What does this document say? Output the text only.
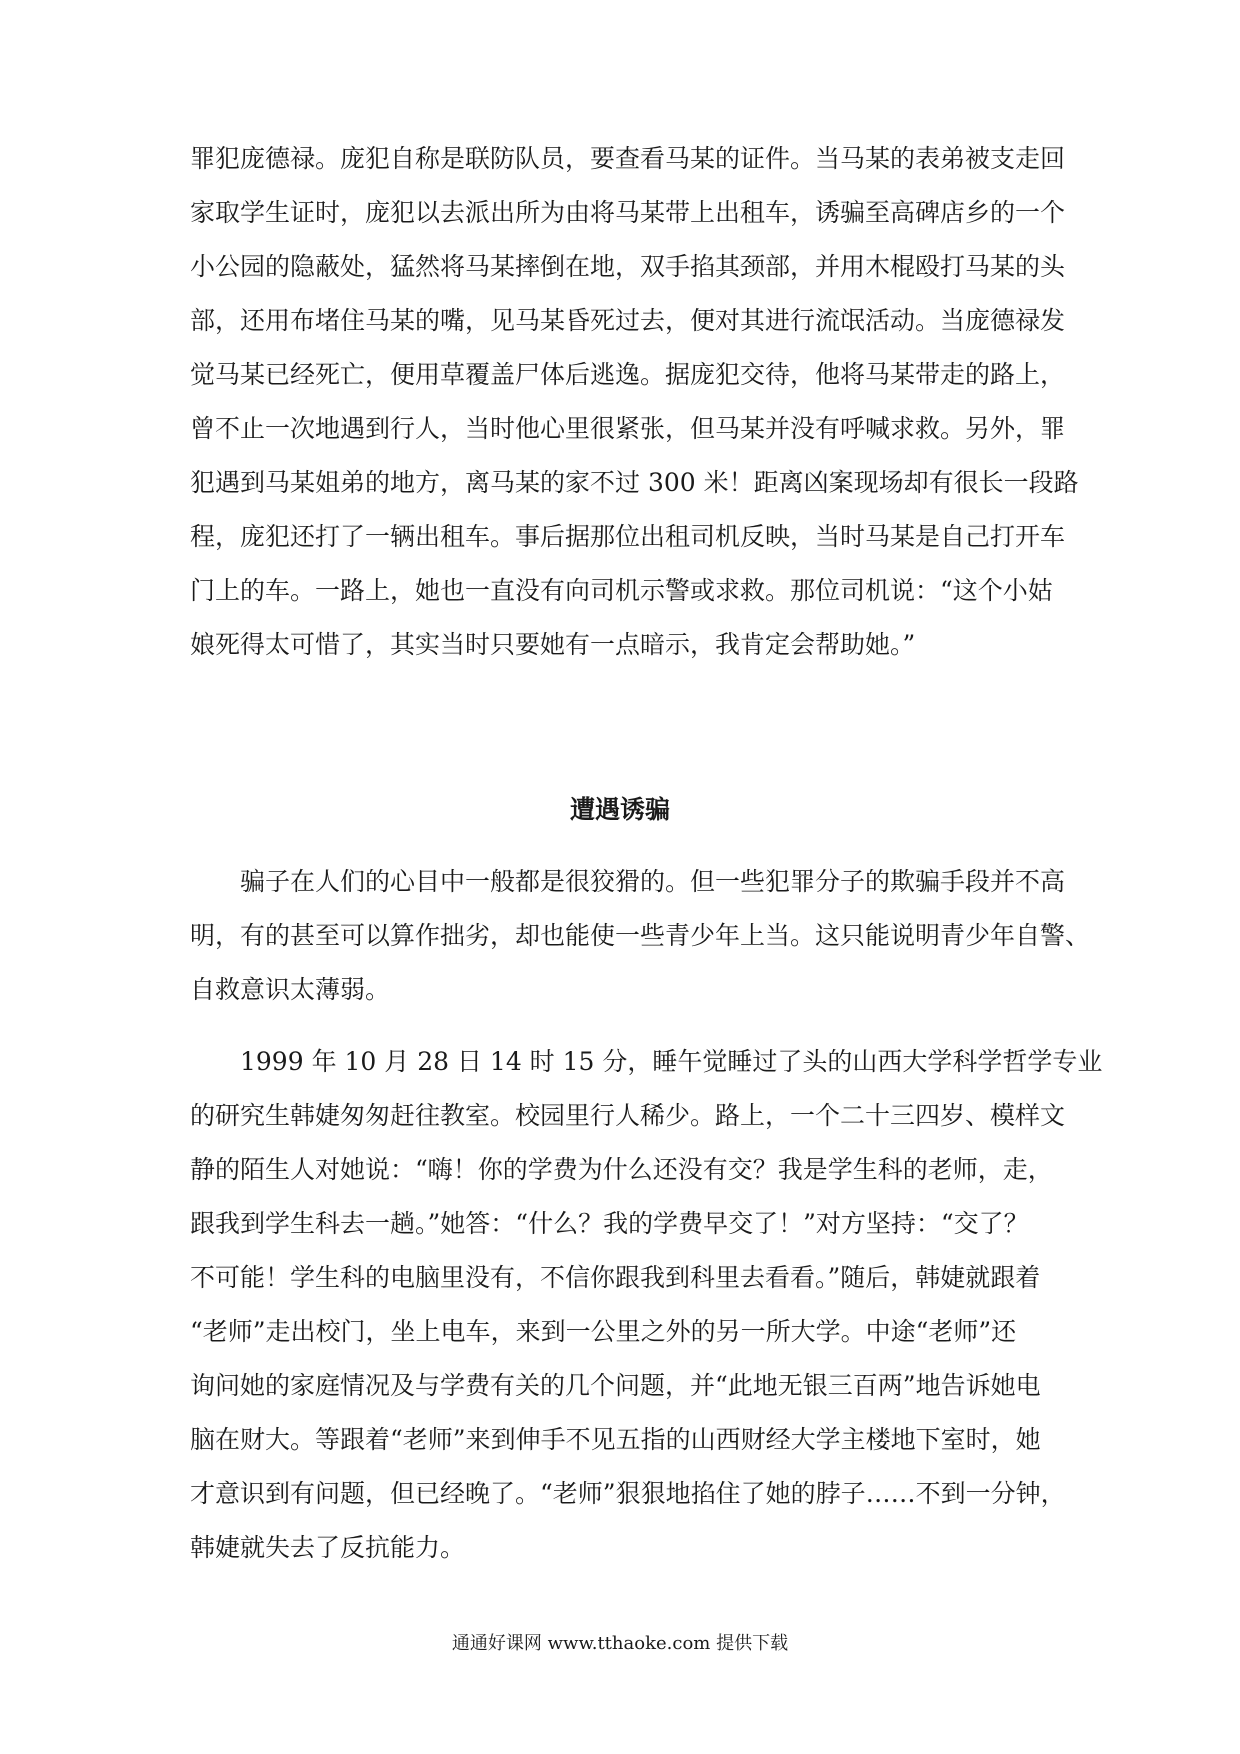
罪犯庞德禄。庞犯自称是联防队员，要查看马某的证件。当马某的表弟被支走回
家取学生证时，庞犯以去派出所为由将马某带上出租车，诱骗至高碑店乡的一个
小公园的隐蔽处，猛然将马某摔倒在地，双手掐其颈部，并用木棍殴打马某的头
部，还用布堵住马某的嘴，见马某昏死过去，便对其进行流氓活动。当庞德禄发
觉马某已经死亡，便用草覆盖尸体后逃逸。据庞犯交待，他将马某带走的路上，
曾不止一次地遇到行人，当时他心里很紧张，但马某并没有呼喊求救。另外，罪
犯遇到马某姐弟的地方，离马某的家不过 300 米！距离凶案现场却有很长一段路
程，庞犯还打了一辆出租车。事后据那位出租司机反映，当时马某是自己打开车
门上的车。一路上，她也一直没有向司机示警或求救。那位司机说：“这个小姑
娘死得太可惜了，其实当时只要她有一点暗示，我肯定会帮助她。”
遭遇诱骗
骗子在人们的心目中一般都是很狡猾的。但一些犯罪分子的欺骗手段并不高
明，有的甚至可以算作拙劣，却也能使一些青少年上当。这只能说明青少年自警、
自救意识太薄弱。
1999 年 10 月 28 日 14 时 15 分，睡午觉睡过了头的山西大学科学哲学专业
的研究生韩婕匆匆赶往教室。校园里行人稀少。路上，一个二十三四岁、模样文
静的陌生人对她说：“嗨！你的学费为什么还没有交？我是学生科的老师，走，
跟我到学生科去一趟。”她答：“什么？我的学费早交了！”对方坚持：“交了？
不可能！学生科的电脑里没有，不信你跟我到科里去看看。”随后，韩婕就跟着
“老师”走出校门，坐上电车，来到一公里之外的另一所大学。中途“老师”还
询问她的家庭情况及与学费有关的几个问题，并“此地无银三百两”地告诉她电
脑在财大。等跟着“老师”来到伸手不见五指的山西财经大学主楼地下室时，她
才意识到有问题，但已经晚了。“老师”狠狠地掐住了她的脖子……不到一分钟，
韩婕就失去了反抗能力。
通通好课网 www.tthaoke.com 提供下载
